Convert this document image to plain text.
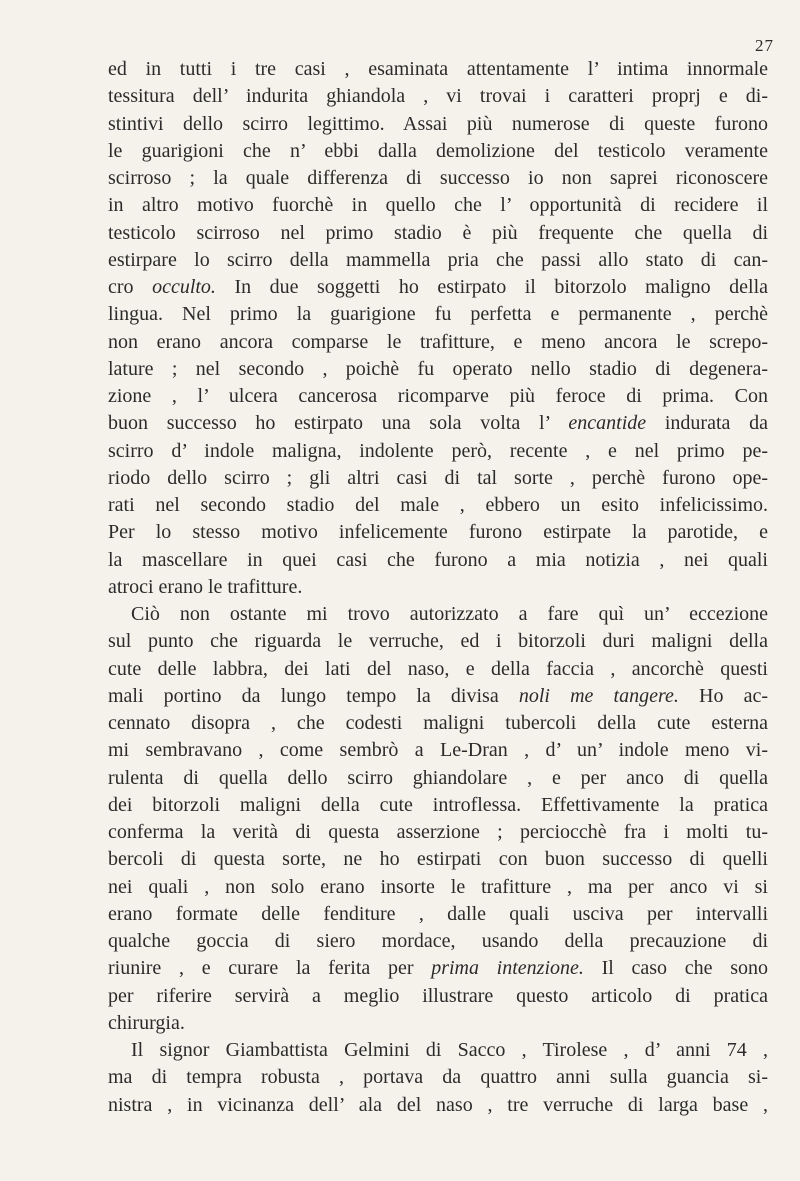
27
ed in tutti i tre casi , esaminata attentamente l’ intima innormale
tessitura dell’ indurita ghiandola , vi trovai i caratteri proprj e di-
stintivi dello scirro legittimo. Assai più numerose di queste furono
le guarigioni che n’ ebbi dalla demolizione del testicolo veramente
scirroso ; la quale differenza di successo io non saprei riconoscere
in altro motivo fuorchè in quello che l’ opportunità di recidere il
testicolo scirroso nel primo stadio è più frequente che quella di
estirpare lo scirro della mammella pria che passi allo stato di can-
cro occulto. In due soggetti ho estirpato il bitorzolo maligno della
lingua. Nel primo la guarigione fu perfetta e permanente , perchè
non erano ancora comparse le trafitture, e meno ancora le screpo-
lature ; nel secondo , poichè fu operato nello stadio di degenera-
zione , l’ ulcera cancerosa ricomparve più feroce di prima. Con
buon successo ho estirpato una sola volta l’ encantide indurata da
scirro d’ indole maligna, indolente però, recente , e nel primo pe-
riodo dello scirro ; gli altri casi di tal sorte , perchè furono ope-
rati nel secondo stadio del male , ebbero un esito infelicissimo.
Per lo stesso motivo infelicemente furono estirpate la parotide, e
la mascellare in quei casi che furono a mia notizia , nei quali
atroci erano le trafitture.
Ciò non ostante mi trovo autorizzato a fare quì un’ eccezione
sul punto che riguarda le verruche, ed i bitorzoli duri maligni della
cute delle labbra, dei lati del naso, e della faccia , ancorchè questi
mali portino da lungo tempo la divisa noli me tangere. Ho ac-
cennato disopra , che codesti maligni tubercoli della cute esterna
mi sembravano , come sembrò a Le-Dran , d’ un’ indole meno vi-
rulenta di quella dello scirro ghiandolare , e per anco di quella
dei bitorzoli maligni della cute introflessa. Effettivamente la pratica
conferma la verità di questa asserzione ; perciocchè fra i molti tu-
bercoli di questa sorte, ne ho estirpati con buon successo di quelli
nei quali , non solo erano insorte le trafitture , ma per anco vi si
erano formate delle fenditure , dalle quali usciva per intervalli
qualche goccia di siero mordace, usando della precauzione di
riunire , e curare la ferita per prima intenzione. Il caso che sono
per riferire servirà a meglio illustrare questo articolo di pratica
chirurgia.
Il signor Giambattista Gelmini di Sacco , Tirolese , d’ anni 74 ,
ma di tempra robusta , portava da quattro anni sulla guancia si-
nistra , in vicinanza dell’ ala del naso , tre verruche di larga base ,
